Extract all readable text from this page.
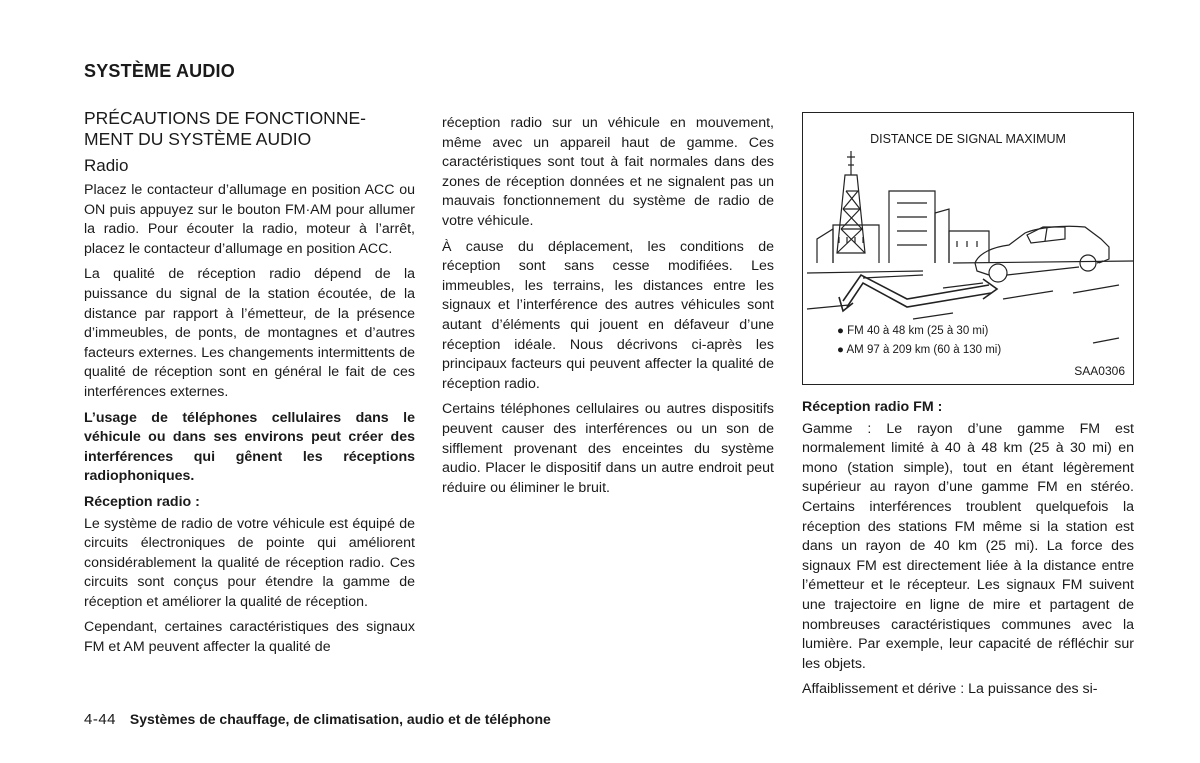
SYSTÈME AUDIO
PRÉCAUTIONS DE FONCTIONNE-
MENT DU SYSTÈME AUDIO
Radio

Placez le contacteur d’allumage en position ACC ou ON puis appuyez sur le bouton FM·AM pour allumer la radio. Pour écouter la radio, moteur à l’arrêt, placez le contacteur d’allumage en position ACC.

La qualité de réception radio dépend de la puissance du signal de la station écoutée, de la distance par rapport à l’émetteur, de la présence d’immeubles, de ponts, de montagnes et d’autres facteurs externes. Les changements intermittents de qualité de réception sont en général le fait de ces interférences externes.

L’usage de téléphones cellulaires dans le véhicule ou dans ses environs peut créer des interférences qui gênent les réceptions radiophoniques.

Réception radio :

Le système de radio de votre véhicule est équipé de circuits électroniques de pointe qui améliorent considérablement la qualité de réception radio. Ces circuits sont conçus pour étendre la gamme de réception et améliorer la qualité de réception.

Cependant, certaines caractéristiques des signaux FM et AM peuvent affecter la qualité de

réception radio sur un véhicule en mouvement, même avec un appareil haut de gamme. Ces caractéristiques sont tout à fait normales dans des zones de réception données et ne signalent pas un mauvais fonctionnement du système de radio de votre véhicule.

À cause du déplacement, les conditions de réception sont sans cesse modifiées. Les immeubles, les terrains, les distances entre les signaux et l’interférence des autres véhicules sont autant d’éléments qui jouent en défaveur d’une réception idéale. Nous décrivons ci-après les principaux facteurs qui peuvent affecter la qualité de réception radio.

Certains téléphones cellulaires ou autres dispositifs peuvent causer des interférences ou un son de sifflement provenant des enceintes du système audio. Placer le dispositif dans un autre endroit peut réduire ou éliminer le bruit.

DISTANCE DE SIGNAL MAXIMUM
● FM 40 à 48 km (25 à 30 mi)
● AM 97 à 209 km (60 à 130 mi)
SAA0306
Réception radio FM :

Gamme : Le rayon d’une gamme FM est normalement limité à 40 à 48 km (25 à 30 mi) en mono (station simple), tout en étant légèrement supérieur au rayon d’une gamme FM en stéréo. Certains interférences troublent quelquefois la réception des stations FM même si la station est dans un rayon de 40 km (25 mi). La force des signaux FM est directement liée à la distance entre l’émetteur et le récepteur. Les signaux FM suivent une trajectoire en ligne de mire et partagent de nombreuses caractéristiques communes avec la lumière. Par exemple, leur capacité de réfléchir sur les objets.

Affaiblissement et dérive : La puissance des si-

4-44 Systèmes de chauffage, de climatisation, audio et de téléphone
